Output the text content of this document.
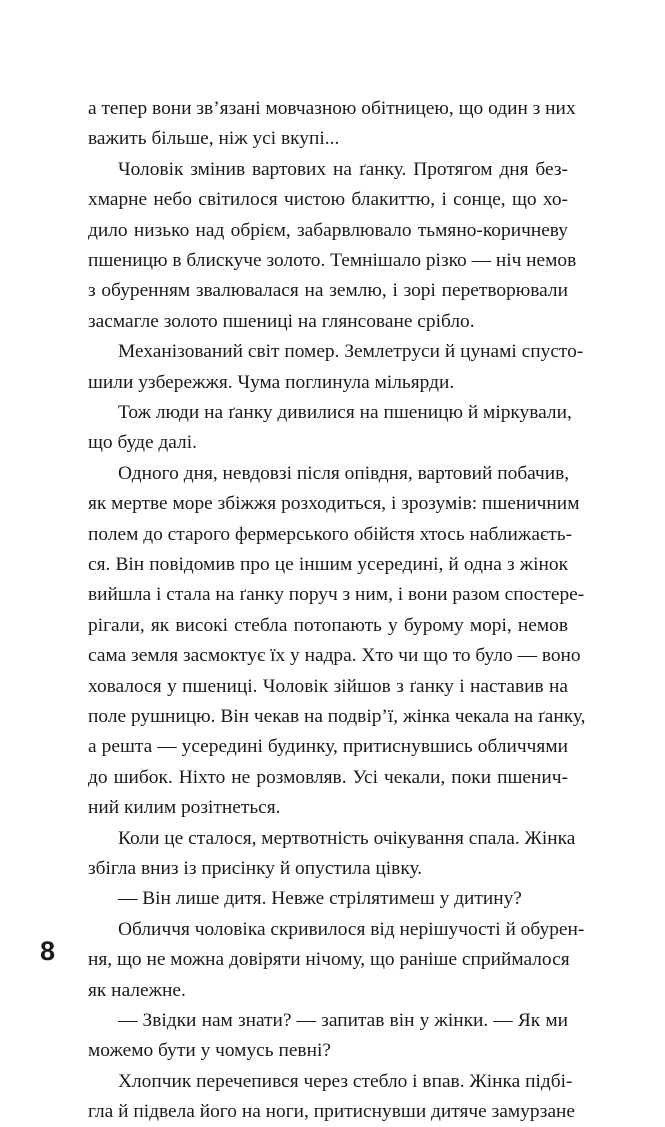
а тепер вони зв’язані мовчазною обітницею, що один з них
важить більше, ніж усі вкупі...
Чоловік змінив вартових на ґанку. Протягом дня без-
хмарне небо світилося чистою блакиттю, і сонце, що хо-
дило низько над обрієм, забарвлювало тьмяно-коричневу
пшеницю в блискуче золото. Темнішало різко — ніч немов
з обуренням звалювалася на землю, і зорі перетворювали
засмагле золото пшениці на глянсоване срібло.
Механізований світ помер. Землетруси й цунамі спусто-
шили узбережжя. Чума поглинула мільярди.
Тож люди на ґанку дивилися на пшеницю й міркували,
що буде далі.
Одного дня, невдовзі після опівдня, вартовий побачив,
як мертве море збіжжя розходиться, і зрозумів: пшеничним
полем до старого фермерського обійстя хтось наближаєть-
ся. Він повідомив про це іншим усередині, й одна з жінок
вийшла і стала на ґанку поруч з ним, і вони разом спостере-
рігали, як високі стебла потопають у бурому морі, немов
сама земля засмоктує їх у надра. Хто чи що то було — воно
ховалося у пшениці. Чоловік зійшов з ґанку і наставив на
поле рушницю. Він чекав на подвір’ї, жінка чекала на ґанку,
а решта — усередині будинку, притиснувшись обличчями
до шибок. Ніхто не розмовляв. Усі чекали, поки пшенич-
ний килим розітнеться.
Коли це сталося, мертвотність очікування спала. Жінка
збігла вниз із присінку й опустила цівку.
— Він лише дитя. Невже стрілятимеш у дитину?
Обличчя чоловіка скривилося від нерішучості й обурен-
ня, що не можна довіряти нічому, що раніше сприймалося
як належне.
— Звідки нам знати? — запитав він у жінки. — Як ми
можемо бути у чомусь певні?
Хлопчик перечепився через стебло і впав. Жінка підбі-
гла й підвела його на ноги, притиснувши дитяче замурзане
8
